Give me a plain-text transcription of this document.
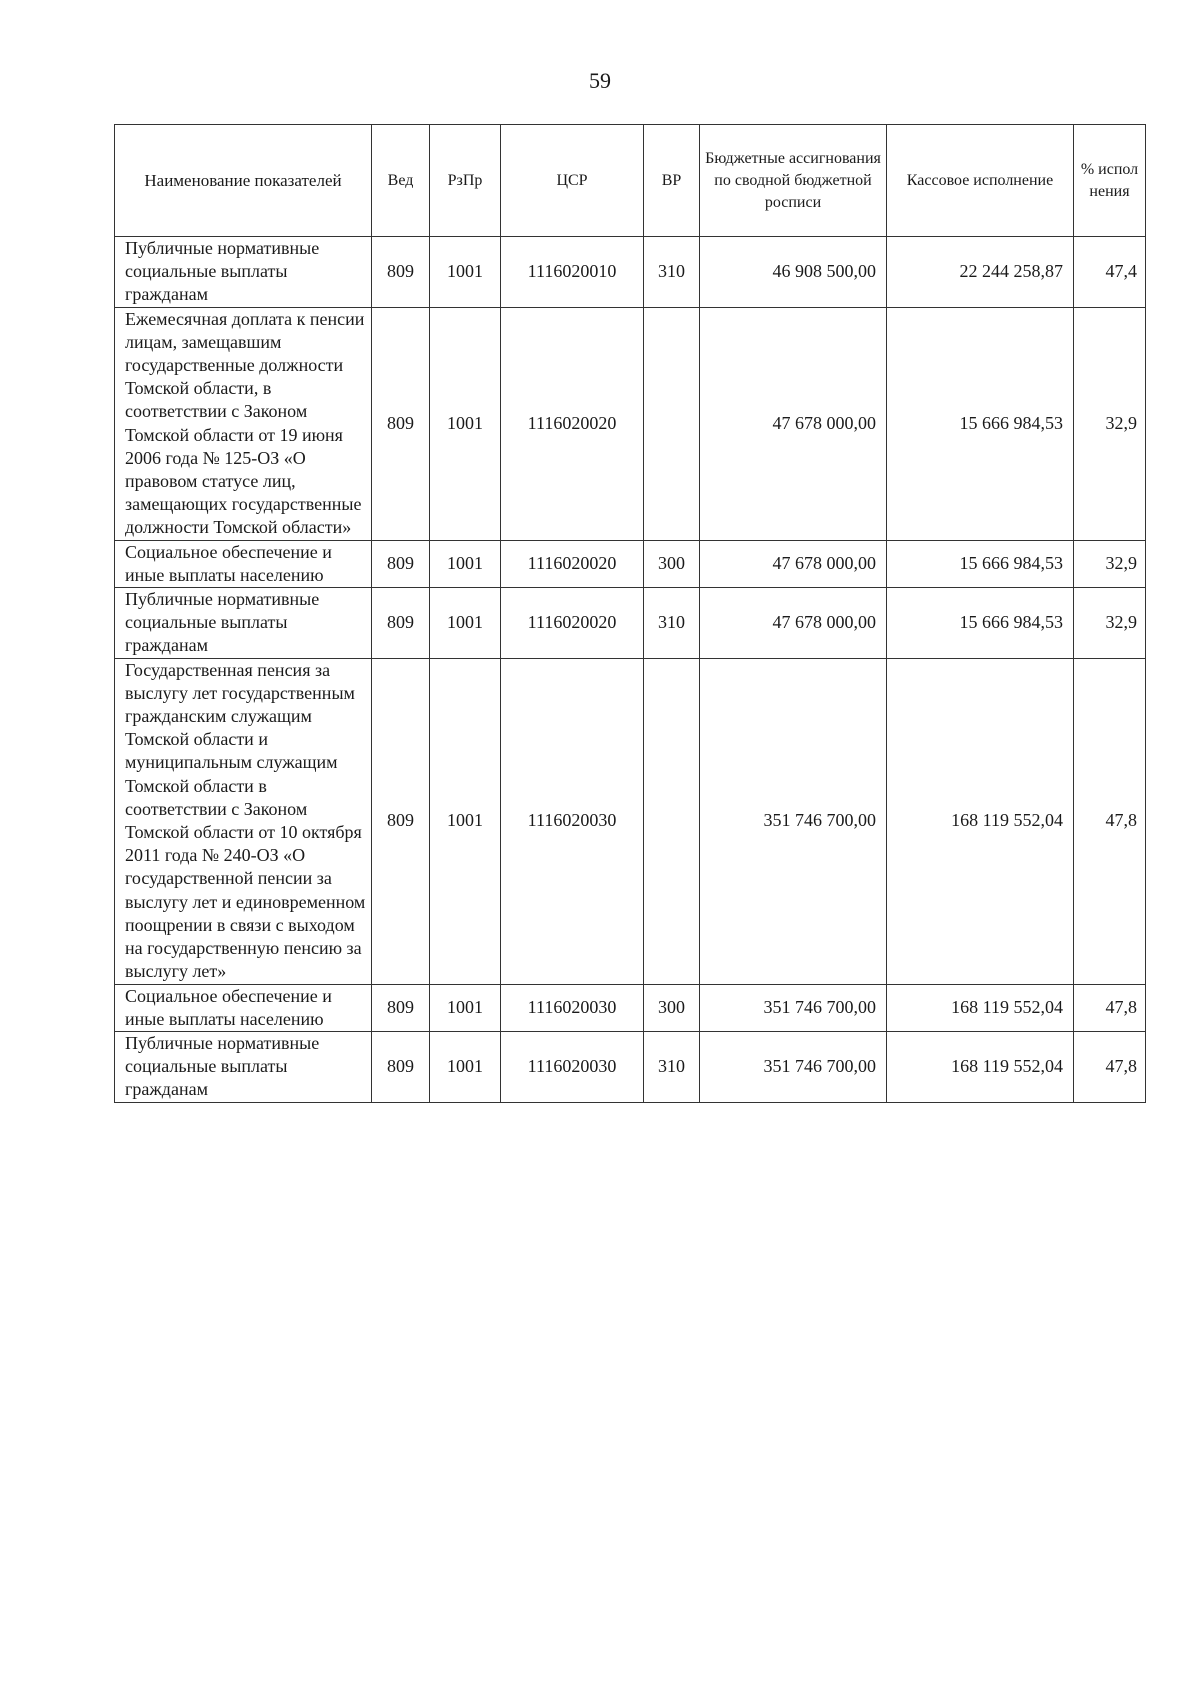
59
Наименование показателей	Вед	РзПр	ЦСР	ВР	Бюджетные ассигнования по сводной бюджетной росписи	Кассовое исполнение	% испол нения
Публичные нормативные социальные выплаты гражданам	809	1001	1116020010	310	46 908 500,00	22 244 258,87	47,4
Ежемесячная доплата к пенсии лицам, замещавшим государственные должности Томской области, в соответствии с Законом Томской области от 19 июня 2006 года № 125-ОЗ «О правовом статусе лиц, замещающих государственные должности Томской области»	809	1001	1116020020		47 678 000,00	15 666 984,53	32,9
Социальное обеспечение и иные выплаты населению	809	1001	1116020020	300	47 678 000,00	15 666 984,53	32,9
Публичные нормативные социальные выплаты гражданам	809	1001	1116020020	310	47 678 000,00	15 666 984,53	32,9
Государственная пенсия за выслугу лет государственным гражданским служащим Томской области и муниципальным служащим Томской области в соответствии с Законом Томской области от 10 октября 2011 года № 240-ОЗ «О государственной пенсии за выслугу лет и единовременном поощрении в связи с выходом на государственную пенсию за выслугу лет»	809	1001	1116020030		351 746 700,00	168 119 552,04	47,8
Социальное обеспечение и иные выплаты населению	809	1001	1116020030	300	351 746 700,00	168 119 552,04	47,8
Публичные нормативные социальные выплаты гражданам	809	1001	1116020030	310	351 746 700,00	168 119 552,04	47,8
